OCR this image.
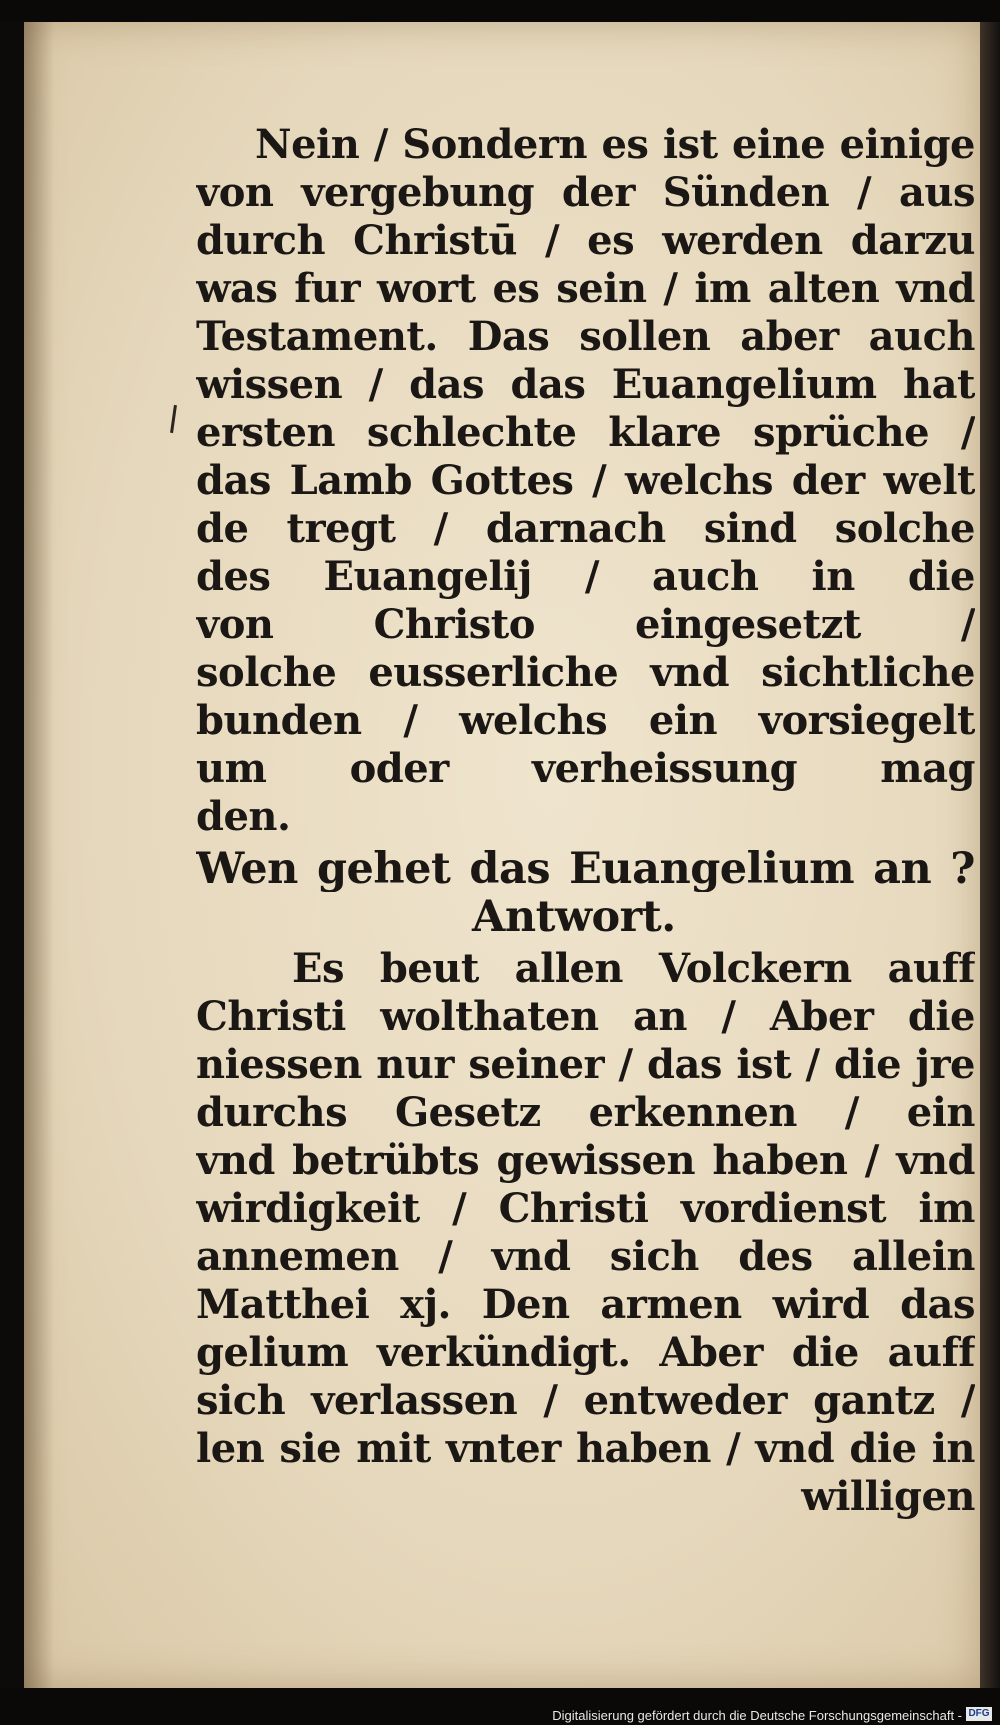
Nein / Sondern es ist eine einige
von vergebung der Sünden / aus
durch Christū / es werden darzu
was fur wort es sein / im alten vnd
Testament. Das sollen aber auch
wissen / das das Euangelium hat
ersten schlechte klare sprüche /
das Lamb Gottes / welchs der welt
de tregt / darnach sind solche
des Euangelij / auch in die
von Christo eingesetzt /
solche eusserliche vnd sichtliche
bunden / welchs ein vorsiegelt
um oder verheissung mag
den.
Wen gehet das Euangelium an ?
Antwort.
Es beut allen Volckern auff
Christi wolthaten an / Aber die
niessen nur seiner / das ist / die jre
durchs Gesetz erkennen / ein
vnd betrübts gewissen haben / vnd
wirdigkeit / Christi vordienst im
annemen / vnd sich des allein
Matthei xj. Den armen wird das
gelium verkündigt. Aber die auff
sich verlassen / entweder gantz /
len sie mit vnter haben / vnd die in
willigen
Digitalisierung gefördert durch die Deutsche Forschungsgemeinschaft - DFG
